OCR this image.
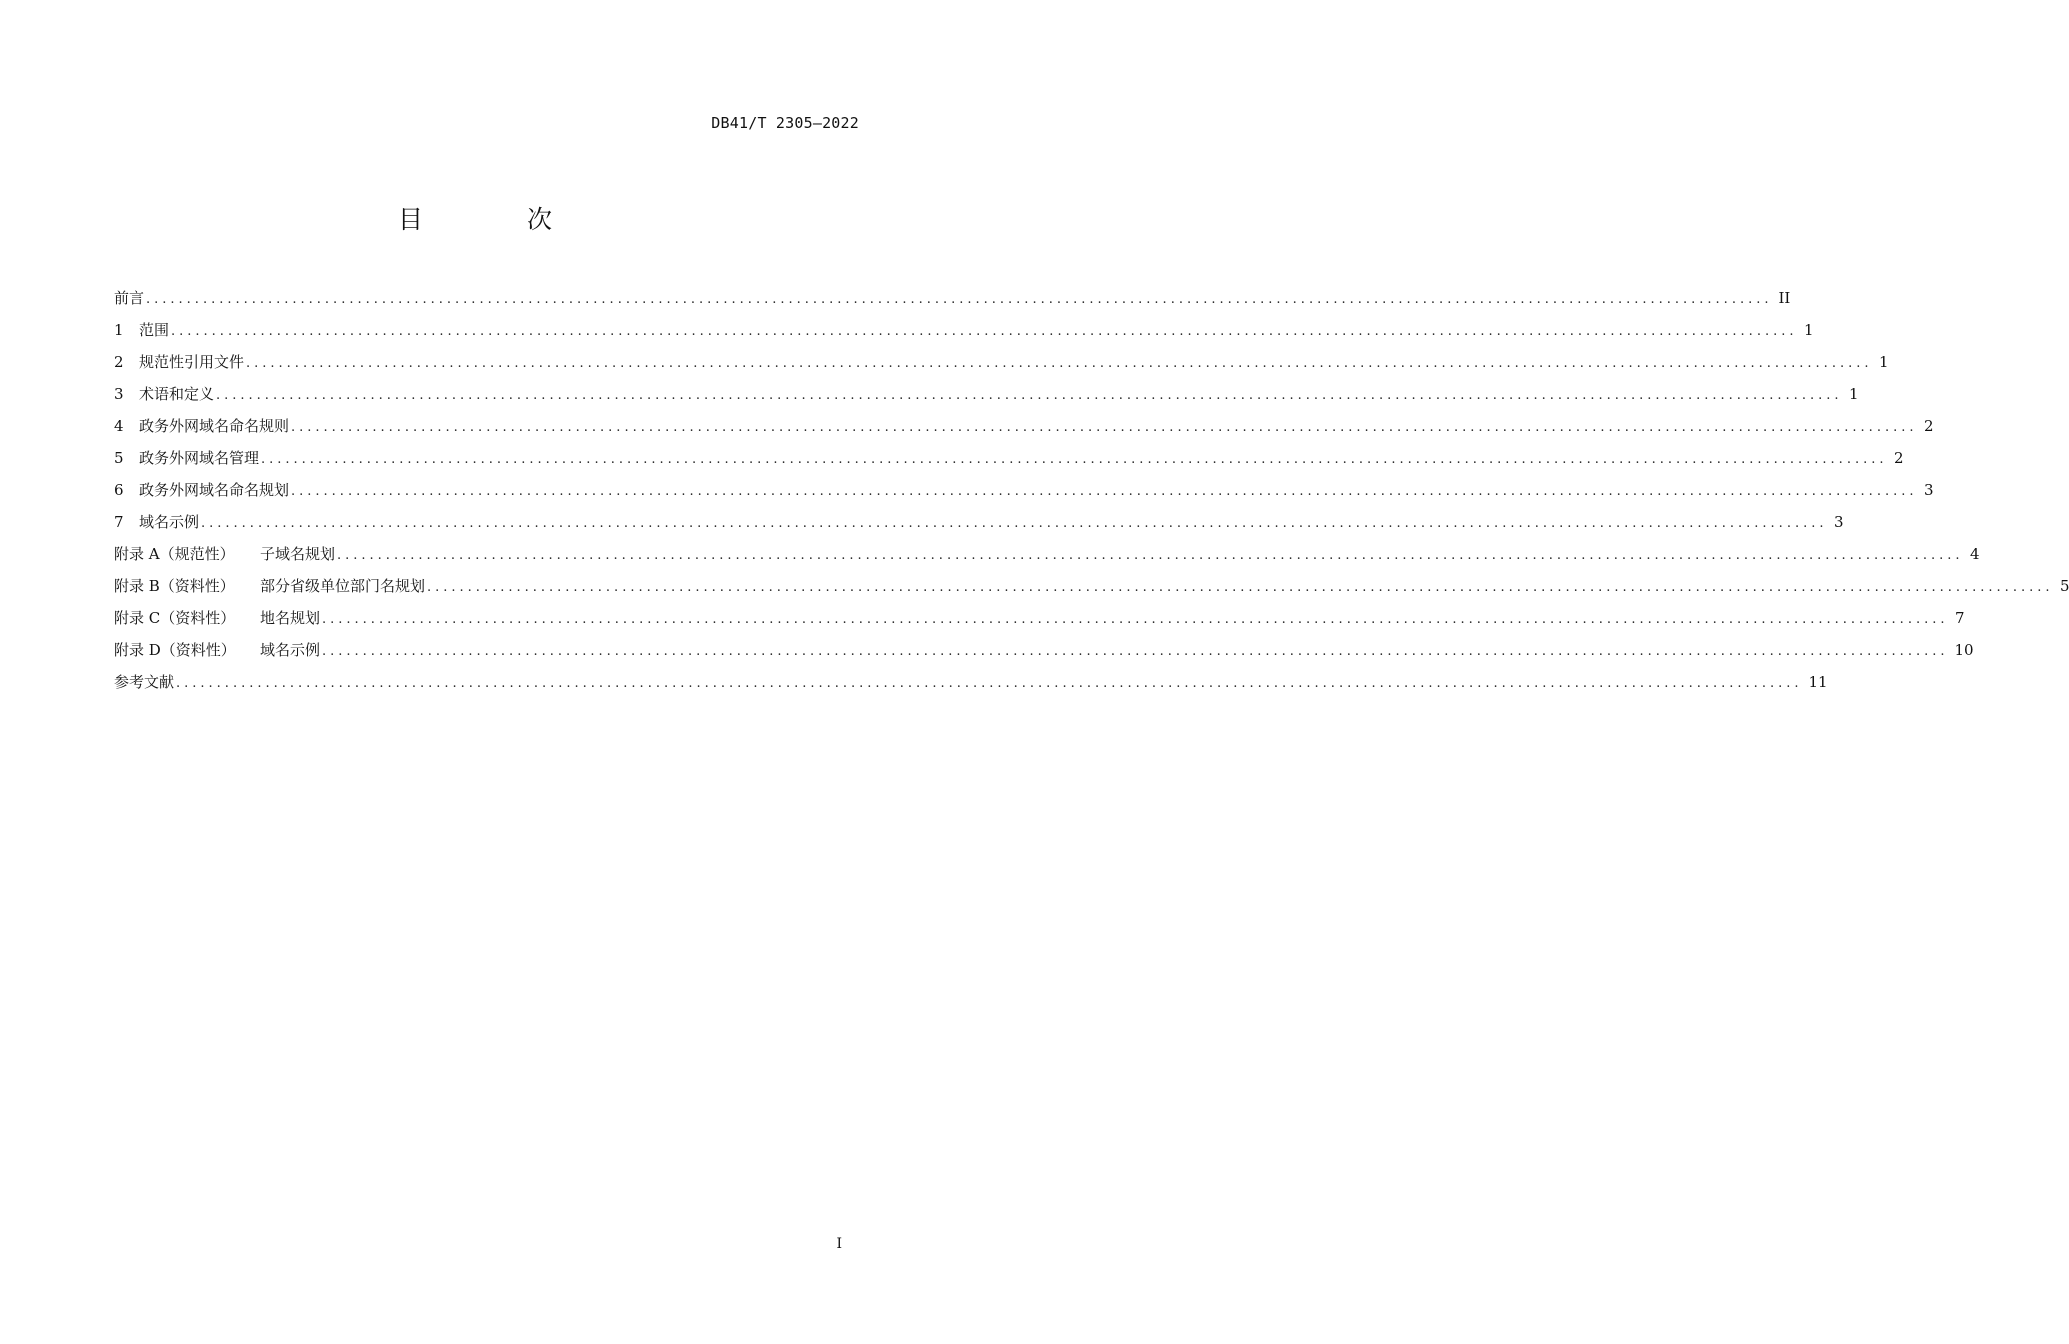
DB41/T 2305—2022
目 次
前言 ........................................................................................................................................................................................................ II
1	范围 ........................................................................................................................................................................................................ 1
2	规范性引用文件 ........................................................................................................................................................................................................ 1
3	术语和定义 ........................................................................................................................................................................................................ 1
4	政务外网域名命名规则 ........................................................................................................................................................................................................ 2
5	政务外网域名管理 ........................................................................................................................................................................................................ 2
6	政务外网域名命名规划 ........................................................................................................................................................................................................ 3
7	域名示例 ........................................................................................................................................................................................................ 3
附录 A（规范性）	子域名规划 ........................................................................................................................................................................................................ 4
附录 B（资料性）	部分省级单位部门名规划 ........................................................................................................................................................................................................ 5
附录 C（资料性）	地名规划 ........................................................................................................................................................................................................ 7
附录 D（资料性）	域名示例 ........................................................................................................................................................................................................ 10
参考文献 ........................................................................................................................................................................................................ 11
I
